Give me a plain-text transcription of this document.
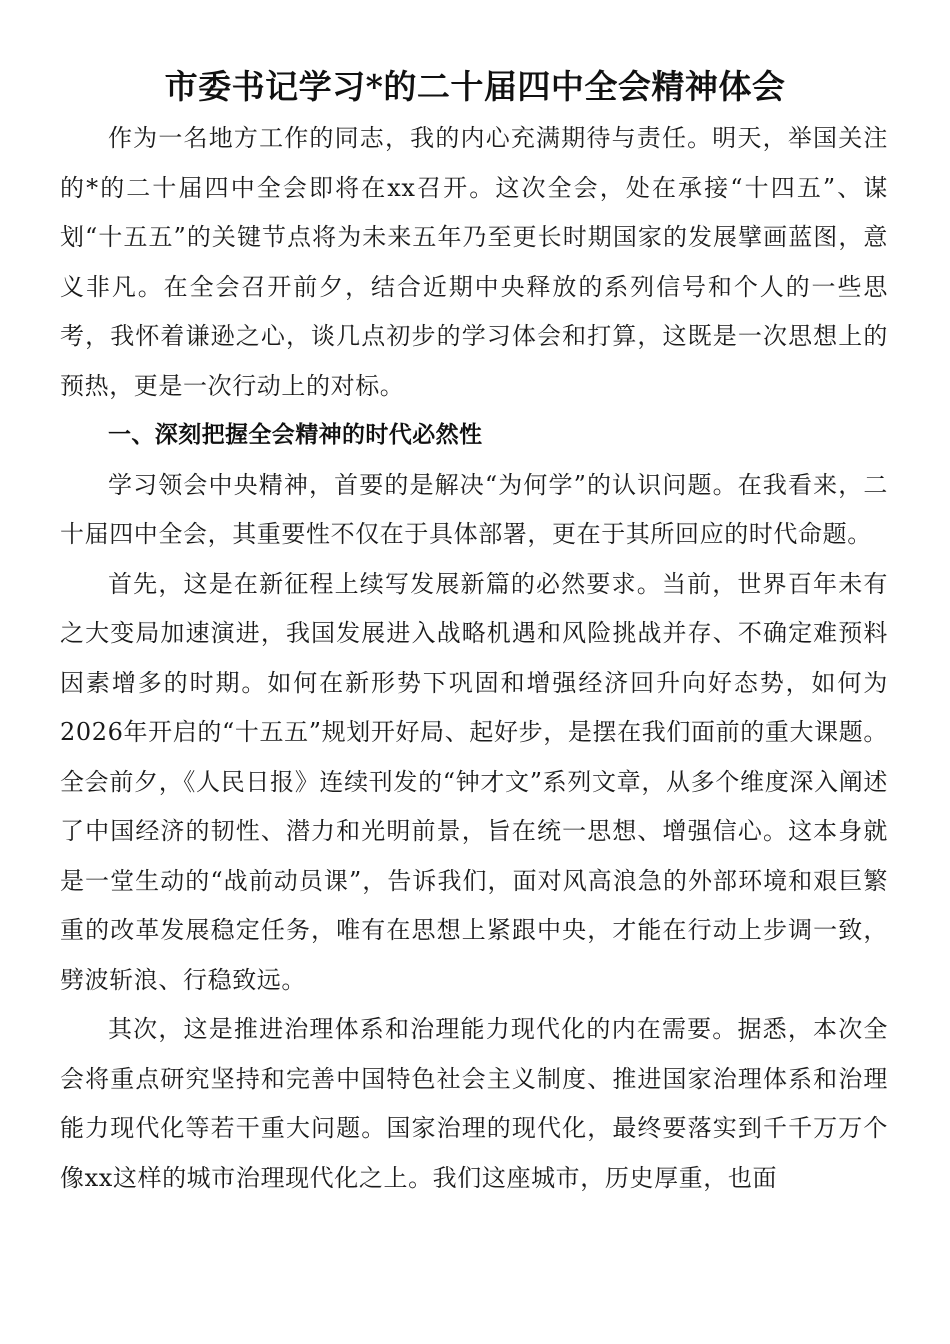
市委书记学习*的二十届四中全会精神体会

作为一名地方工作的同志，我的内心充满期待与责任。明天，举国关注的*的二十届四中全会即将在xx召开。这次全会，处在承接“十四五”、谋划“十五五”的关键节点将为未来五年乃至更长时期国家的发展擘画蓝图，意义非凡。在全会召开前夕，结合近期中央释放的系列信号和个人的一些思考，我怀着谦逊之心，谈几点初步的学习体会和打算，这既是一次思想上的预热，更是一次行动上的对标。

一、深刻把握全会精神的时代必然性

学习领会中央精神，首要的是解决“为何学”的认识问题。在我看来，二十届四中全会，其重要性不仅在于具体部署，更在于其所回应的时代命题。

首先，这是在新征程上续写发展新篇的必然要求。当前，世界百年未有之大变局加速演进，我国发展进入战略机遇和风险挑战并存、不确定难预料因素增多的时期。如何在新形势下巩固和增强经济回升向好态势，如何为2026年开启的“十五五”规划开好局、起好步，是摆在我们面前的重大课题。全会前夕，《人民日报》连续刊发的“钟才文”系列文章，从多个维度深入阐述了中国经济的韧性、潜力和光明前景，旨在统一思想、增强信心。这本身就是一堂生动的“战前动员课”，告诉我们，面对风高浪急的外部环境和艰巨繁重的改革发展稳定任务，唯有在思想上紧跟中央，才能在行动上步调一致，劈波斩浪、行稳致远。

其次，这是推进治理体系和治理能力现代化的内在需要。据悉，本次全会将重点研究坚持和完善中国特色社会主义制度、推进国家治理体系和治理能力现代化等若干重大问题。国家治理的现代化，最终要落实到千千万万个像xx这样的城市治理现代化之上。我们这座城市，历史厚重，也面
